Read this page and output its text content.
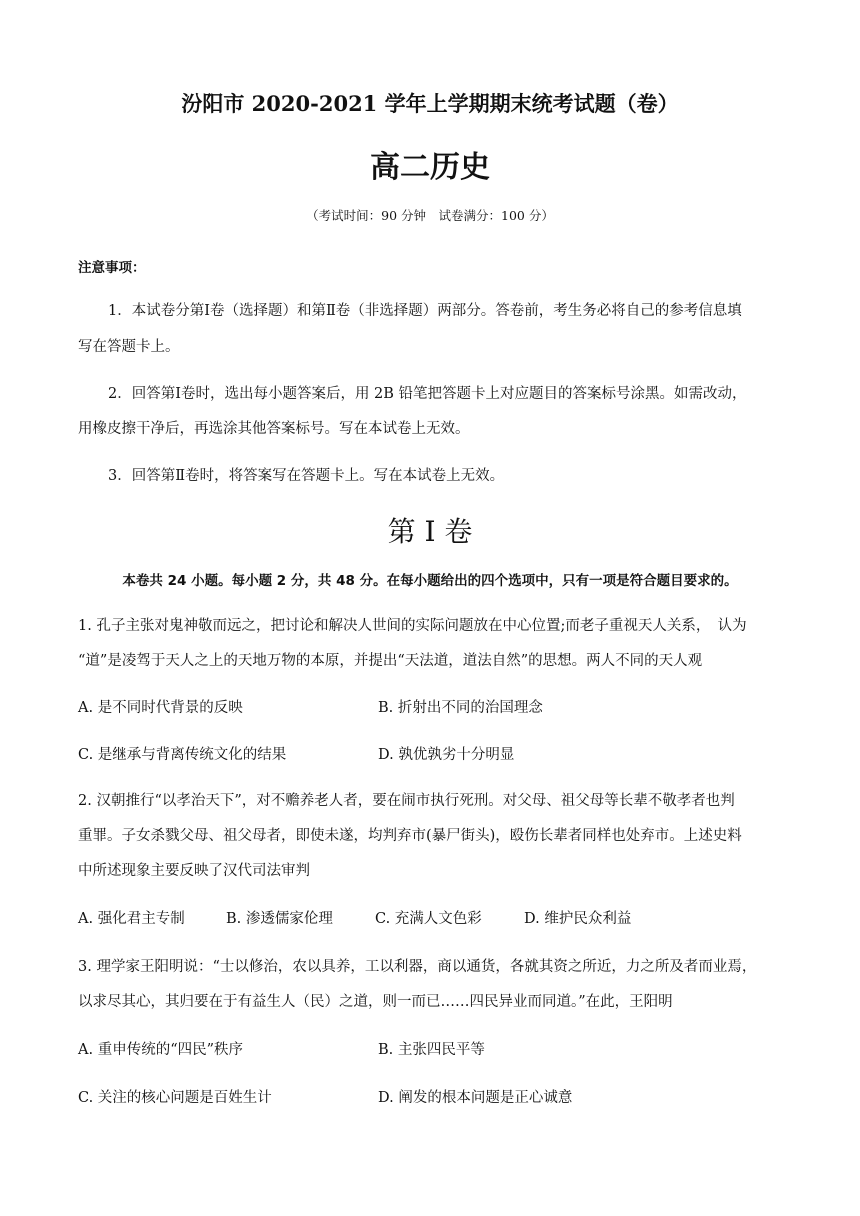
汾阳市 2020-2021 学年上学期期末统考试题（卷）
高二历史
（考试时间：90 分钟　试卷满分：100 分）
注意事项：
1．本试卷分第Ⅰ卷（选择题）和第Ⅱ卷（非选择题）两部分。答卷前，考生务必将自己的参考信息填
写在答题卡上。
2．回答第Ⅰ卷时，选出每小题答案后，用 2B 铅笔把答题卡上对应题目的答案标号涂黑。如需改动，
用橡皮擦干净后，再选涂其他答案标号。写在本试卷上无效。
3．回答第Ⅱ卷时，将答案写在答题卡上。写在本试卷上无效。
第 I 卷
本卷共 24 小题。每小题 2 分，共 48 分。在每小题给出的四个选项中，只有一项是符合题目要求的。
1. 孔子主张对鬼神敬而远之，把讨论和解决人世间的实际问题放在中心位置;而老子重视天人关系，　认为
“道”是凌驾于天人之上的天地万物的本原，并提出“天法道，道法自然”的思想。两人不同的天人观
A. 是不同时代背景的反映	B. 折射出不同的治国理念
C. 是继承与背离传统文化的结果	D. 孰优孰劣十分明显
2. 汉朝推行“以孝治天下”，对不赡养老人者，要在闹市执行死刑。对父母、祖父母等长辈不敬孝者也判
重罪。子女杀戮父母、祖父母者，即使未遂，均判弃市(暴尸街头)，殴伤长辈者同样也处弃市。上述史料
中所述现象主要反映了汉代司法审判
A. 强化君主专制	B. 渗透儒家伦理	C. 充满人文色彩	D. 维护民众利益
3. 理学家王阳明说：“士以修治，农以具养，工以利器，商以通货，各就其资之所近，力之所及者而业焉，
以求尽其心，其归要在于有益生人（民）之道，则一而已……四民异业而同道。”在此，王阳明
A. 重申传统的“四民”秩序	B. 主张四民平等
C. 关注的核心问题是百姓生计	D. 阐发的根本问题是正心诚意
